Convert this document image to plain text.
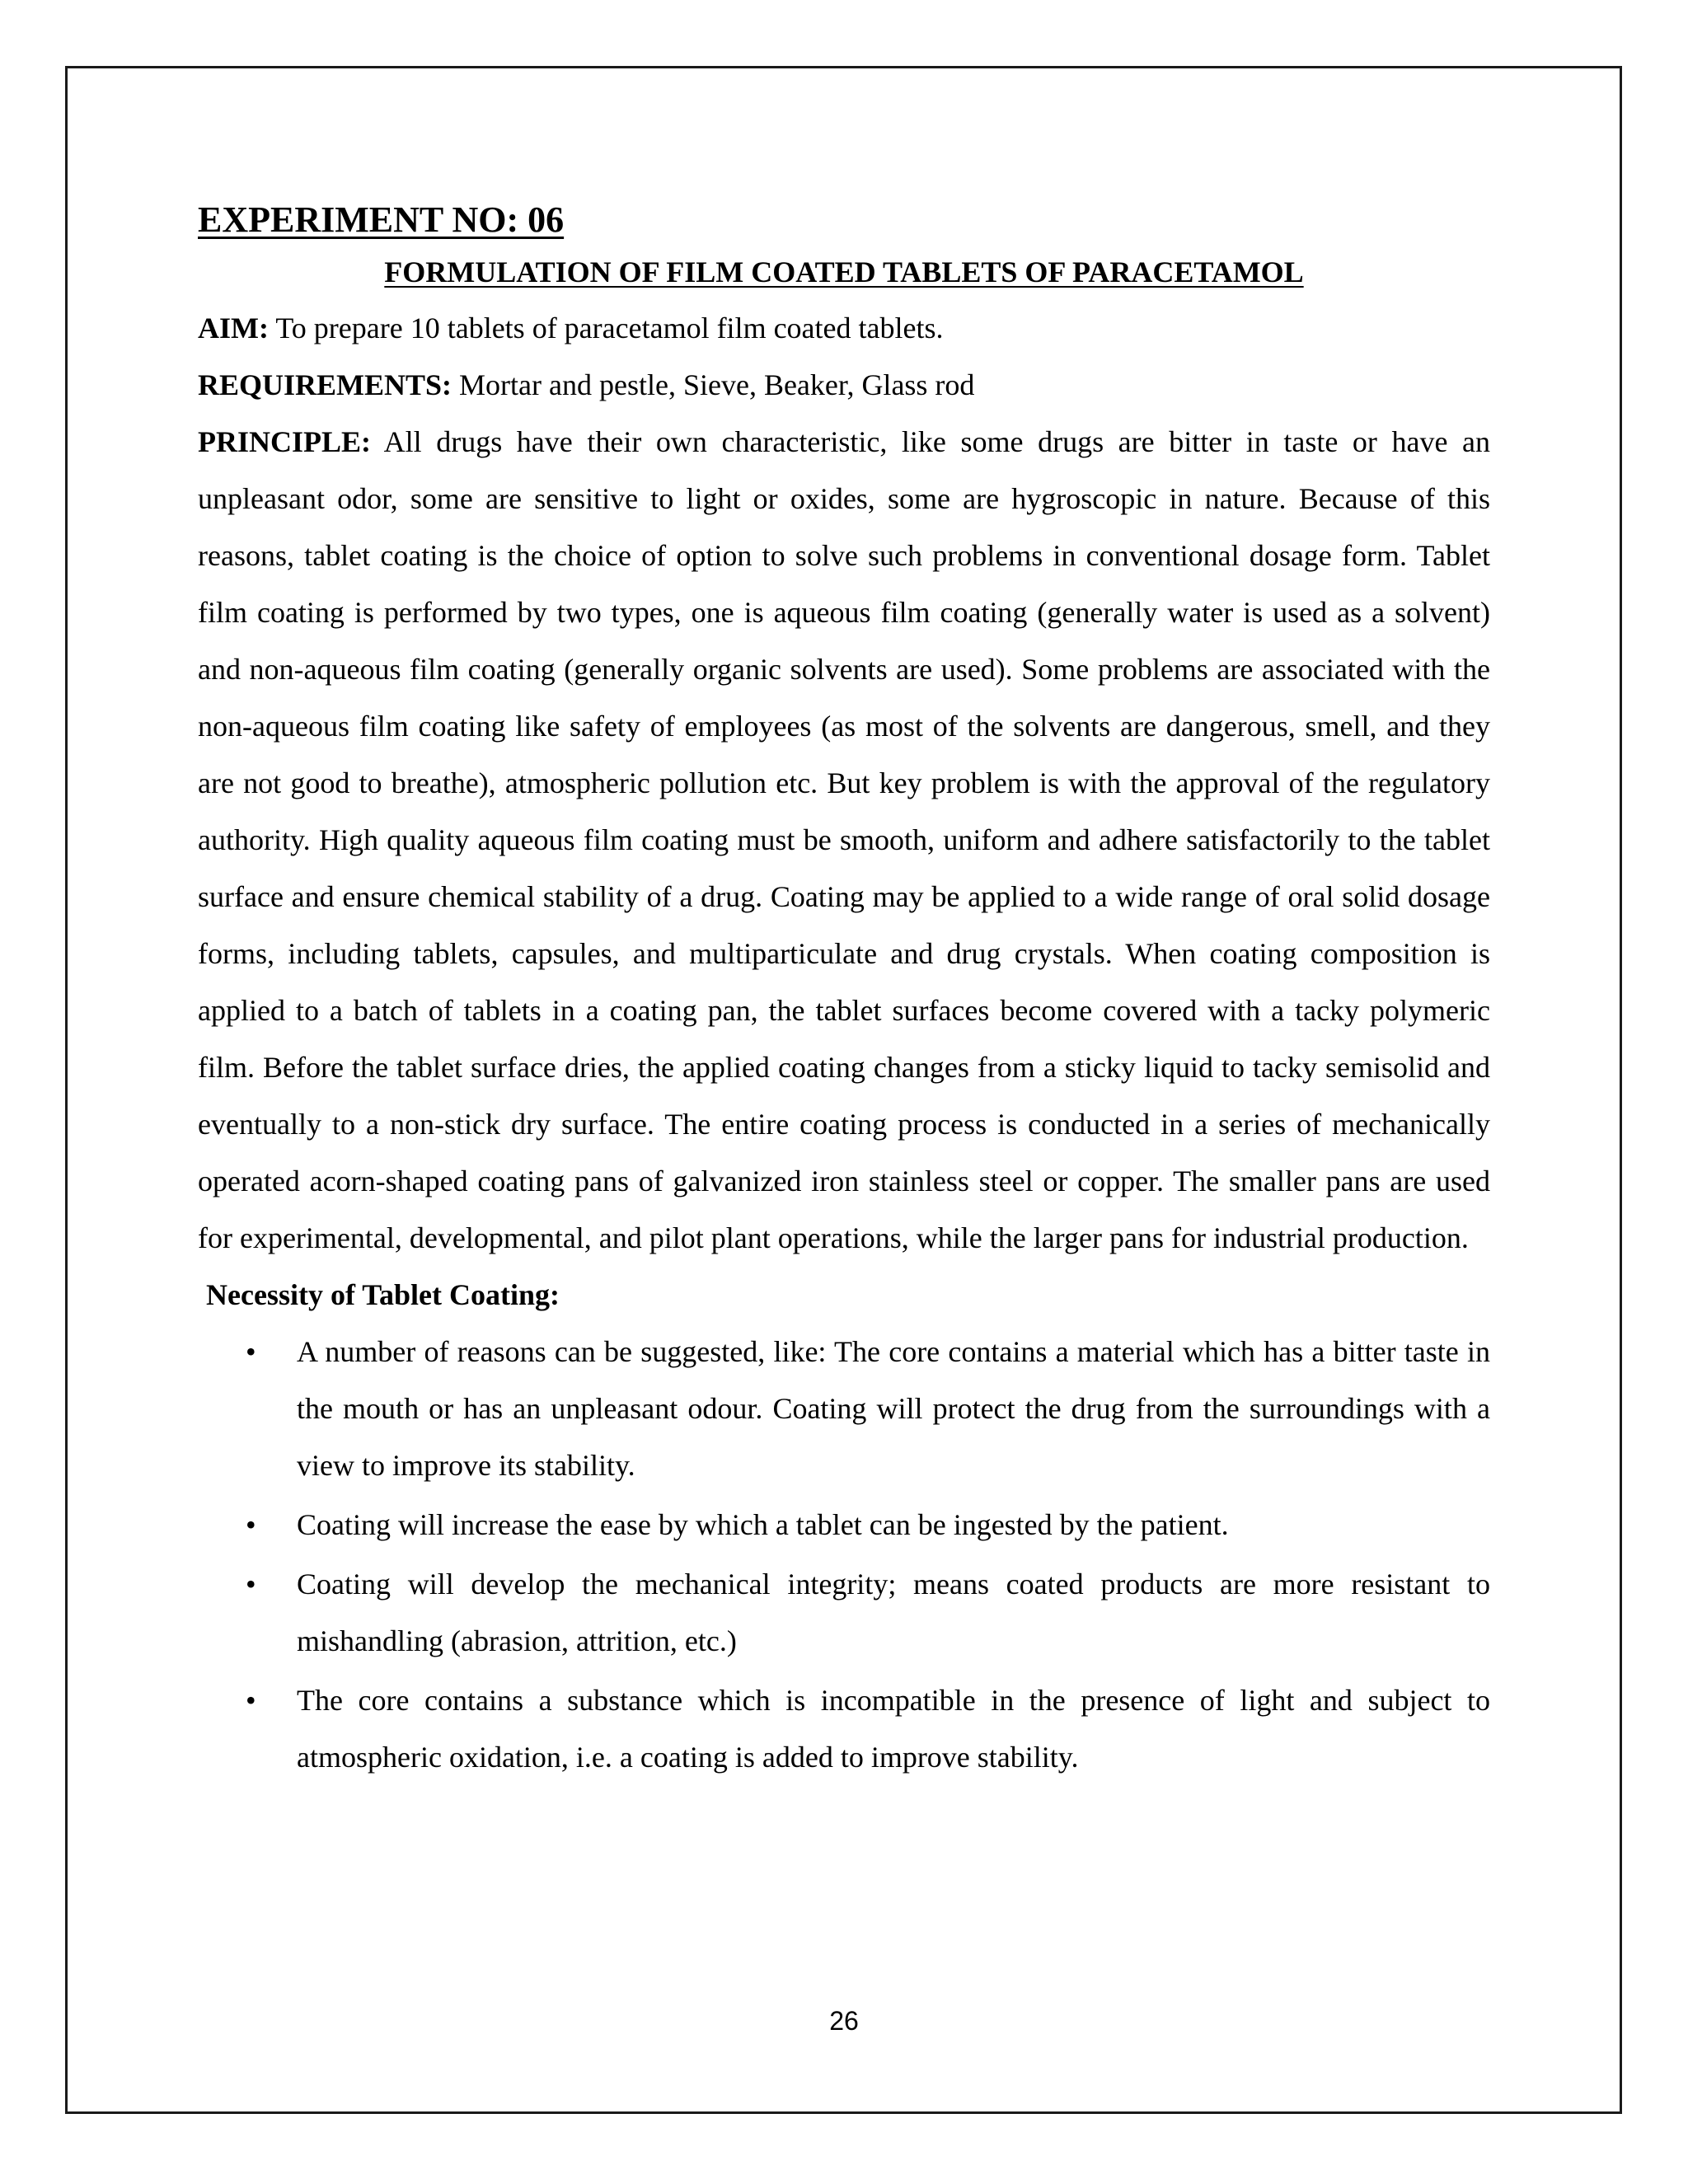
EXPERIMENT NO: 06
FORMULATION OF FILM COATED TABLETS OF PARACETAMOL

AIM: To prepare 10 tablets of paracetamol film coated tablets.

REQUIREMENTS: Mortar and pestle, Sieve, Beaker, Glass rod

PRINCIPLE: All drugs have their own characteristic, like some drugs are bitter in taste or have an unpleasant odor, some are sensitive to light or oxides, some are hygroscopic in nature. Because of this reasons, tablet coating is the choice of option to solve such problems in conventional dosage form. Tablet film coating is performed by two types, one is aqueous film coating (generally water is used as a solvent) and non-aqueous film coating (generally organic solvents are used). Some problems are associated with the non-aqueous film coating like safety of employees (as most of the solvents are dangerous, smell, and they are not good to breathe), atmospheric pollution etc. But key problem is with the approval of the regulatory authority. High quality aqueous film coating must be smooth, uniform and adhere satisfactorily to the tablet surface and ensure chemical stability of a drug. Coating may be applied to a wide range of oral solid dosage forms, including tablets, capsules, and multiparticulate and drug crystals. When coating composition is applied to a batch of tablets in a coating pan, the tablet surfaces become covered with a tacky polymeric film. Before the tablet surface dries, the applied coating changes from a sticky liquid to tacky semisolid and eventually to a non-stick dry surface. The entire coating process is conducted in a series of mechanically operated acorn-shaped coating pans of galvanized iron stainless steel or copper. The smaller pans are used for experimental, developmental, and pilot plant operations, while the larger pans for industrial production.

Necessity of Tablet Coating:

• A number of reasons can be suggested, like: The core contains a material which has a bitter taste in the mouth or has an unpleasant odour. Coating will protect the drug from the surroundings with a view to improve its stability.
• Coating will increase the ease by which a tablet can be ingested by the patient.
• Coating will develop the mechanical integrity; means coated products are more resistant to mishandling (abrasion, attrition, etc.)
• The core contains a substance which is incompatible in the presence of light and subject to atmospheric oxidation, i.e. a coating is added to improve stability.
26
